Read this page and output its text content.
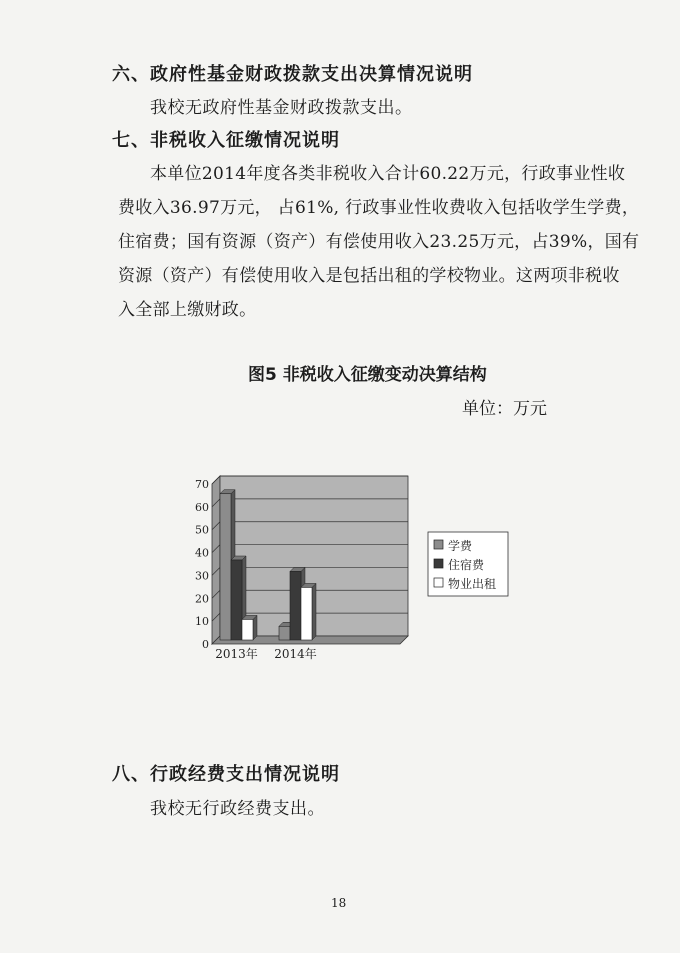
六、政府性基金财政拨款支出决算情况说明
我校无政府性基金财政拨款支出。
七、非税收入征缴情况说明
本单位2014年度各类非税收入合计60.22万元，行政事业性收
费收入36.97万元， 占61%, 行政事业性收费收入包括收学生学费，
住宿费；国有资源（资产）有偿使用收入23.25万元，占39%，国有
资源（资产）有偿使用收入是包括出租的学校物业。这两项非税收
入全部上缴财政。
图5 非税收入征缴变动决算结构
单位：万元
0
10
20
30
40
50
60
70
2013年 2014年
学费
住宿费
物业出租
八、行政经费支出情况说明
我校无行政经费支出。
18
